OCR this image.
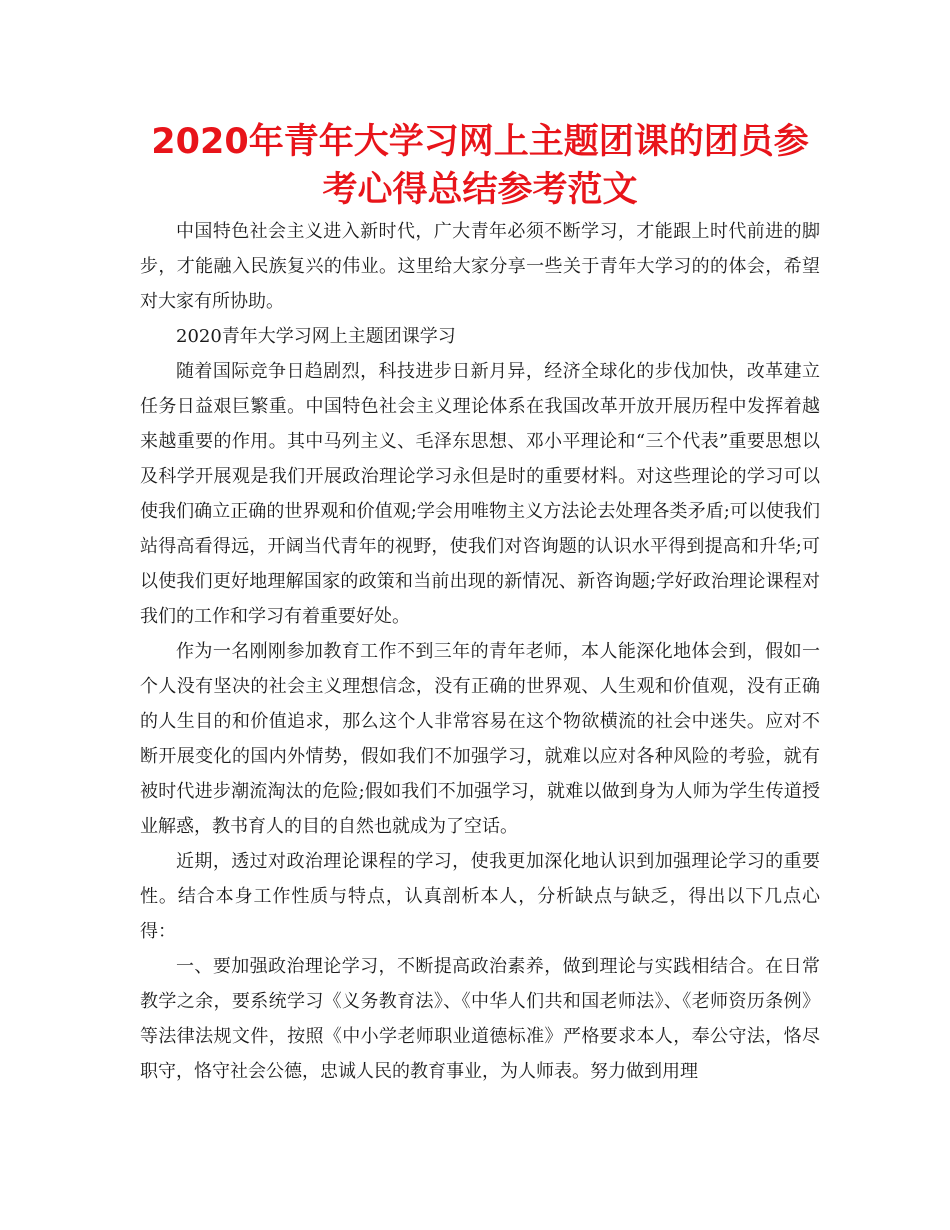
2020年青年大学习网上主题团课的团员参考心得总结参考范文

中国特色社会主义进入新时代，广大青年必须不断学习，才能跟上时代前进的脚步，才能融入民族复兴的伟业。这里给大家分享一些关于青年大学习的的体会，希望对大家有所协助。

2020青年大学习网上主题团课学习

随着国际竞争日趋剧烈，科技进步日新月异，经济全球化的步伐加快，改革建立任务日益艰巨繁重。中国特色社会主义理论体系在我国改革开放开展历程中发挥着越来越重要的作用。其中马列主义、毛泽东思想、邓小平理论和“三个代表”重要思想以及科学开展观是我们开展政治理论学习永但是时的重要材料。对这些理论的学习可以使我们确立正确的世界观和价值观;学会用唯物主义方法论去处理各类矛盾;可以使我们站得高看得远，开阔当代青年的视野，使我们对咨询题的认识水平得到提高和升华;可以使我们更好地理解国家的政策和当前出现的新情况、新咨询题;学好政治理论课程对我们的工作和学习有着重要好处。

作为一名刚刚参加教育工作不到三年的青年老师，本人能深化地体会到，假如一个人没有坚决的社会主义理想信念，没有正确的世界观、人生观和价值观，没有正确的人生目的和价值追求，那么这个人非常容易在这个物欲横流的社会中迷失。应对不断开展变化的国内外情势，假如我们不加强学习，就难以应对各种风险的考验，就有被时代进步潮流淘汰的危险;假如我们不加强学习，就难以做到身为人师为学生传道授业解惑，教书育人的目的自然也就成为了空话。

近期，透过对政治理论课程的学习，使我更加深化地认识到加强理论学习的重要性。结合本身工作性质与特点，认真剖析本人，分析缺点与缺乏，得出以下几点心得：

一、要加强政治理论学习，不断提高政治素养，做到理论与实践相结合。在日常教学之余，要系统学习《义务教育法》、《中华人们共和国老师法》、《老师资历条例》等法律法规文件，按照《中小学老师职业道德标准》严格要求本人，奉公守法，恪尽职守，恪守社会公德，忠诚人民的教育事业，为人师表。努力做到用理
